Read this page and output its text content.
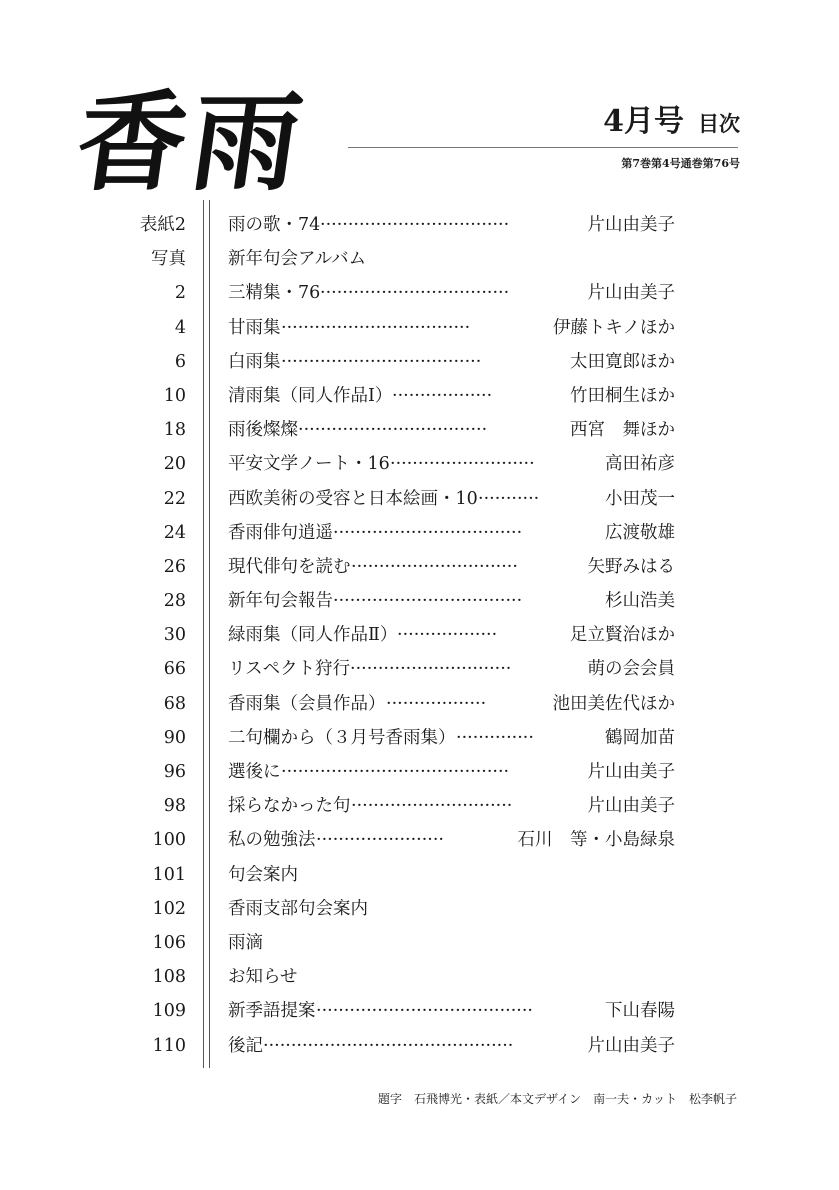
香雨	4月号 目次
第7巻第4号通巻第76号
表紙2 雨の歌・74 ··································	片山由美子
写真 新年句会アルバム
2 三精集・76 ··································	片山由美子
4 甘雨集 ··································	伊藤トキノほか
6 白雨集 ····································	太田寛郎ほか
10 清雨集（同人作品Ⅰ） ··················	竹田桐生ほか
18 雨後燦燦 ··································	西宮　舞ほか
20 平安文学ノート・16 ··························	高田祐彦
22 西欧美術の受容と日本絵画・10 ···········	小田茂一
24 香雨俳句逍遥 ··································	広渡敬雄
26 現代俳句を読む ······························	矢野みはる
28 新年句会報告 ··································	杉山浩美
30 緑雨集（同人作品Ⅱ） ··················	足立賢治ほか
66 リスペクト狩行 ·····························	萌の会会員
68 香雨集（会員作品） ··················	池田美佐代ほか
90 二句欄から（３月号香雨集） ··············	鶴岡加苗
96 選後に ·········································	片山由美子
98 採らなかった句 ·····························	片山由美子
100 私の勉強法 ·······················	石川　等・小島緑泉
101 句会案内
102 香雨支部句会案内
106 雨滴
108 お知らせ
109 新季語提案 ·······································	下山春陽
110 後記 ·············································	片山由美子
題字　石飛博光・表紙／本文デザイン　南一夫・カット　松李帆子
